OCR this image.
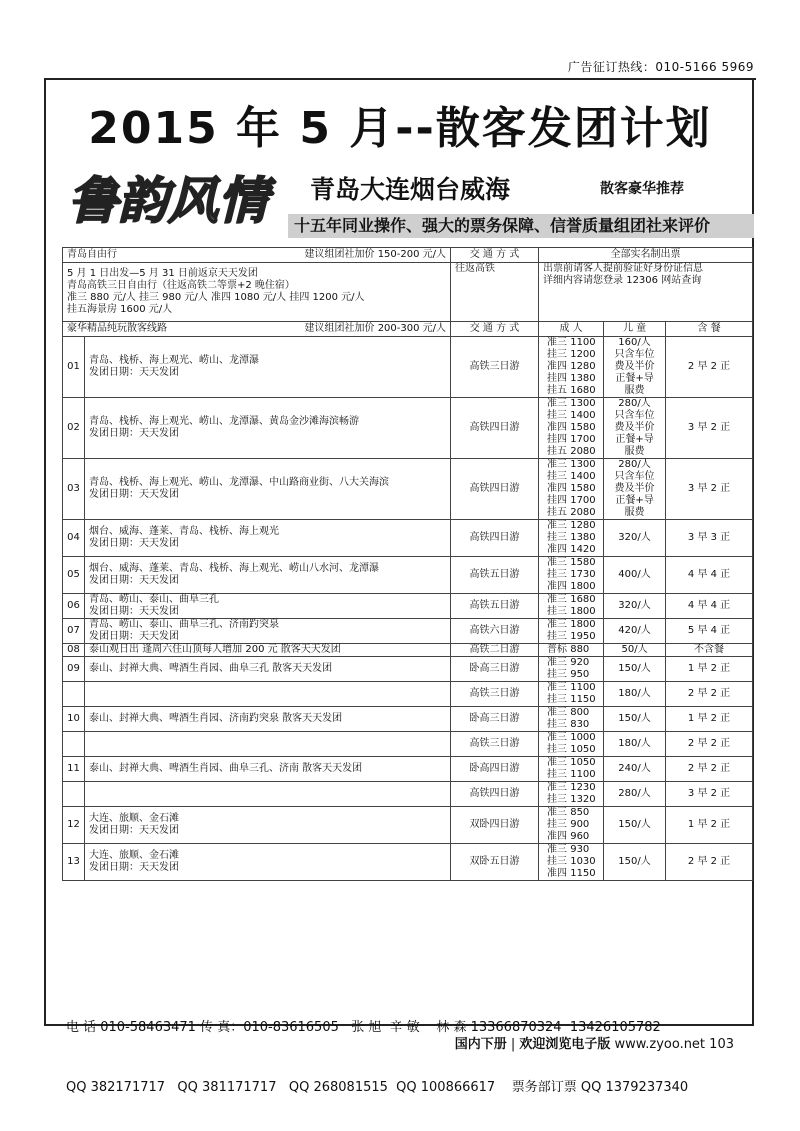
广告征订热线：010-5166 5969
2015 年 5 月--散客发团计划
鲁韵风情	青岛大连烟台威海	散客豪华推荐
十五年同业操作、强大的票务保障、信誉质量组团社来评价
青岛自由行 建议组团社加价 150-200 元/人		交 通 方 式	全部实名制出票		
5 月 1 日出发—5 月 31 日前返京天天发团
青岛高铁三日自由行（往返高铁二等票+2 晚住宿）
准三 880 元/人 挂三 980 元/人 准四 1080 元/人 挂四 1200 元/人
挂五海景房 1600 元/人		往返高铁	出票前请客人提前验证好身份证信息
详细内容请您登录 12306 网站查询		
豪华精品纯玩散客线路 建议组团社加价 200-300 元/人		交 通 方 式	成 人	儿 童	含 餐
01	青岛、栈桥、海上观光、崂山、龙潭瀑
发团日期：天天发团	高铁三日游	准三 1100
挂三 1200
准四 1280
挂四 1380
挂五 1680	160/人
只含车位
费及半价
正餐+导
服费	2 早 2 正
02	青岛、栈桥、海上观光、崂山、龙潭瀑、黄岛金沙滩海滨畅游
发团日期：天天发团	高铁四日游	准三 1300
挂三 1400
准四 1580
挂四 1700
挂五 2080	280/人
只含车位
费及半价
正餐+导
服费	3 早 2 正
03	青岛、栈桥、海上观光、崂山、龙潭瀑、中山路商业街、八大关海滨
发团日期：天天发团	高铁四日游	准三 1300
挂三 1400
准四 1580
挂四 1700
挂五 2080	280/人
只含车位
费及半价
正餐+导
服费	3 早 2 正
04	烟台、威海、蓬莱、青岛、栈桥、海上观光
发团日期：天天发团	高铁四日游	准三 1280
挂三 1380
准四 1420	320/人	3 早 3 正
05	烟台、威海、蓬莱、青岛、栈桥、海上观光、崂山八水河、龙潭瀑
发团日期：天天发团	高铁五日游	准三 1580
挂三 1730
准四 1800	400/人	4 早 4 正
06	青岛、崂山、泰山、曲阜三孔
发团日期：天天发团	高铁五日游	准三 1680
挂三 1800	320/人	4 早 4 正
07	青岛、崂山、泰山、曲阜三孔、济南趵突泉
发团日期：天天发团	高铁六日游	准三 1800
挂三 1950	420/人	5 早 4 正
08	泰山观日出 逢周六住山顶每人增加 200 元 散客天天发团	高铁二日游	普标 880	50/人	不含餐
09	泰山、封禅大典、啤酒生肖园、曲阜三孔 散客天天发团	卧高三日游	准三 920
挂三 950	150/人	1 早 2 正
		高铁三日游	准三 1100
挂三 1150	180/人	2 早 2 正
10	泰山、封禅大典、啤酒生肖园、济南趵突泉 散客天天发团	卧高三日游	准三 800
挂三 830	150/人	1 早 2 正
		高铁三日游	准三 1000
挂三 1050	180/人	2 早 2 正
11	泰山、封禅大典、啤酒生肖园、曲阜三孔、济南 散客天天发团	卧高四日游	准三 1050
挂三 1100	240/人	2 早 2 正
		高铁四日游	准三 1230
挂三 1320	280/人	3 早 2 正
12	大连、旅顺、金石滩
发团日期：天天发团	双卧四日游	准三 850
挂三 900
准四 960	150/人	1 早 2 正
13	大连、旅顺、金石滩
发团日期：天天发团	双卧五日游	准三 930
挂三 1030
准四 1150	150/人	2 早 2 正

电 话 010-58463471 传 真：010-83616505   张 旭  辛 敏    林 森 13366870324  13426105782

QQ 382171717   QQ 381171717   QQ 268081515  QQ 100866617    票务部订票 QQ 1379237340

国内下册 | 欢迎浏览电子版 www.zyoo.net 103
